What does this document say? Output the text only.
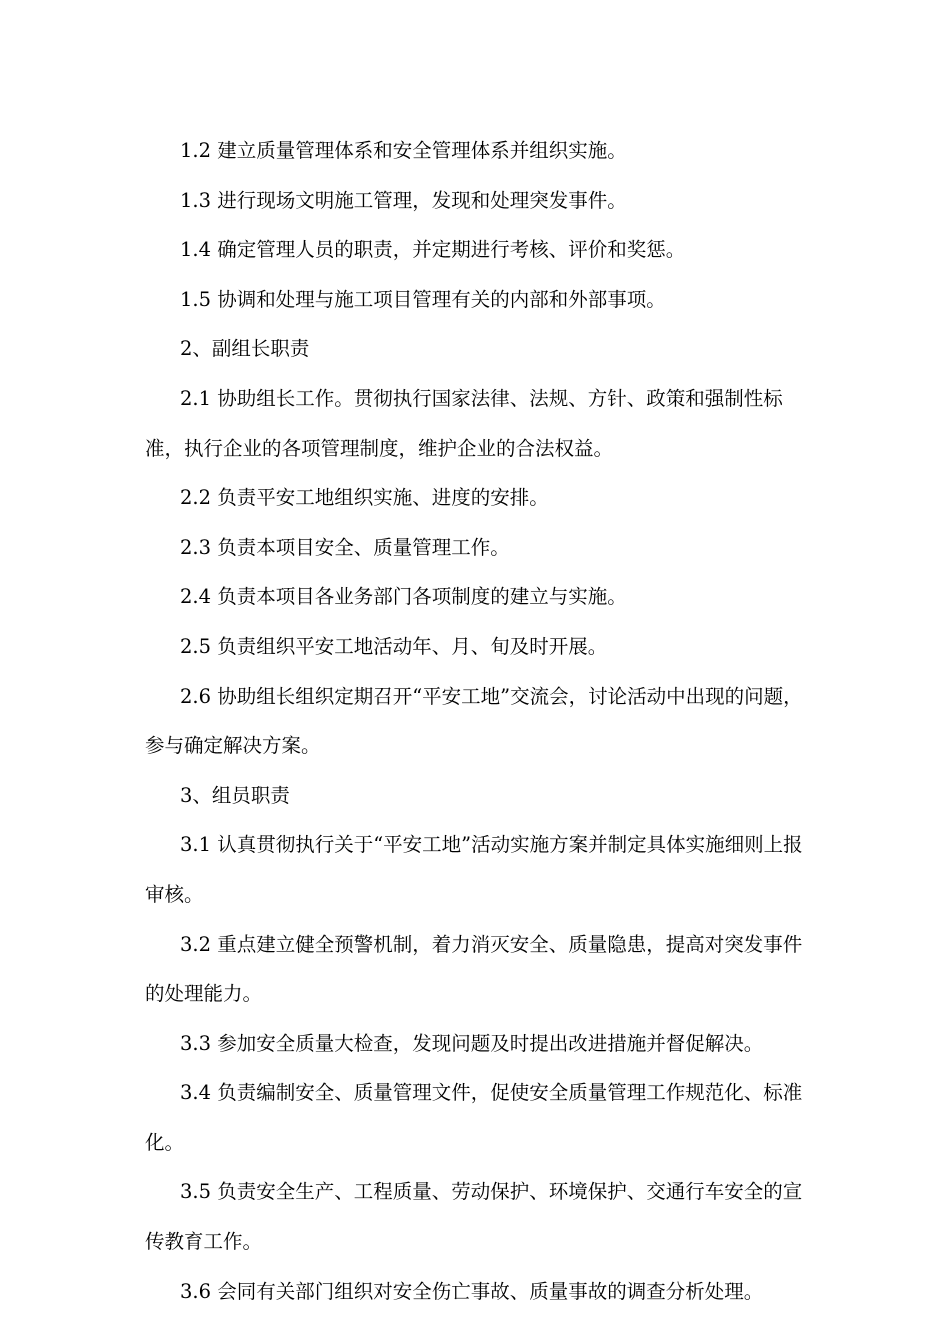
1.2 建立质量管理体系和安全管理体系并组织实施。

1.3 进行现场文明施工管理，发现和处理突发事件。

1.4 确定管理人员的职责，并定期进行考核、评价和奖惩。

1.5 协调和处理与施工项目管理有关的内部和外部事项。

2、副组长职责

2.1 协助组长工作。贯彻执行国家法律、法规、方针、政策和强制性标准，执行企业的各项管理制度，维护企业的合法权益。

2.2 负责平安工地组织实施、进度的安排。

2.3 负责本项目安全、质量管理工作。

2.4 负责本项目各业务部门各项制度的建立与实施。

2.5 负责组织平安工地活动年、月、旬及时开展。

2.6 协助组长组织定期召开“平安工地”交流会，讨论活动中出现的问题，参与确定解决方案。

3、组员职责

3.1 认真贯彻执行关于“平安工地”活动实施方案并制定具体实施细则上报审核。

3.2 重点建立健全预警机制，着力消灭安全、质量隐患，提高对突发事件的处理能力。

3.3 参加安全质量大检查，发现问题及时提出改进措施并督促解决。

3.4 负责编制安全、质量管理文件，促使安全质量管理工作规范化、标准化。

3.5 负责安全生产、工程质量、劳动保护、环境保护、交通行车安全的宣传教育工作。

3.6 会同有关部门组织对安全伤亡事故、质量事故的调查分析处理。
